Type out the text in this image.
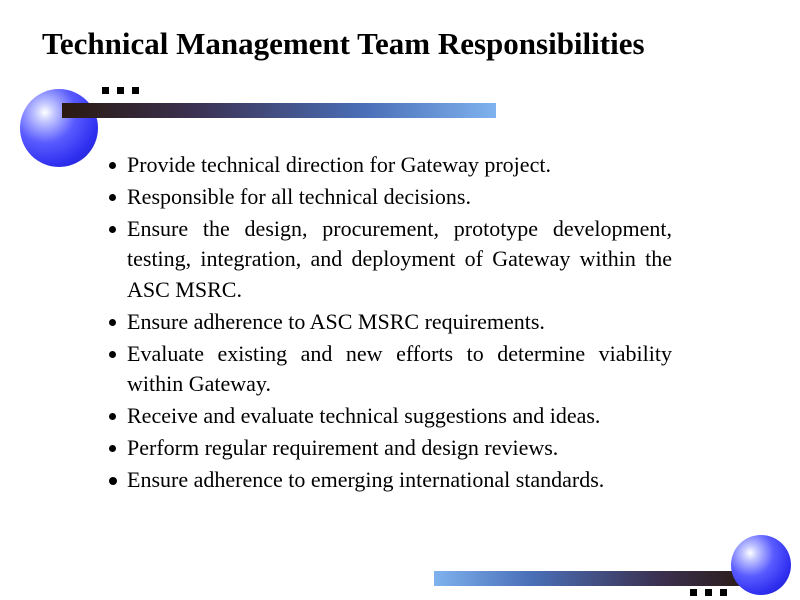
Technical Management Team Responsibilities
Provide technical direction for Gateway project.
Responsible for all technical decisions.
Ensure the design, procurement, prototype development, testing, integration, and deployment of Gateway within the ASC MSRC.
Ensure adherence to ASC MSRC requirements.
Evaluate existing and new efforts to determine viability within Gateway.
Receive and evaluate technical suggestions and ideas.
Perform regular requirement and design reviews.
Ensure adherence to emerging international standards.
